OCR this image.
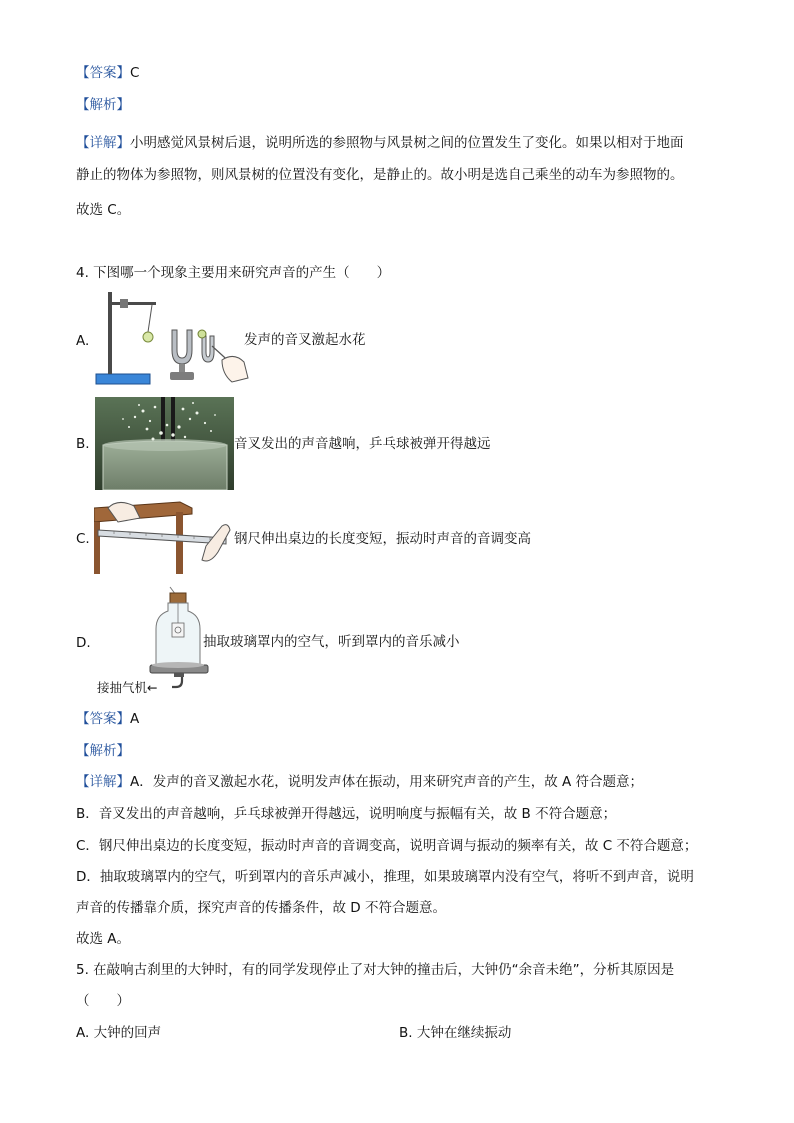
【答案】C
【解析】
【详解】小明感觉风景树后退，说明所选的参照物与风景树之间的位置发生了变化。如果以相对于地面
静止的物体为参照物，则风景树的位置没有变化，是静止的。故小明是选自己乘坐的动车为参照物的。
故选 C。
4. 下图哪一个现象主要用来研究声音的产生（　　）
A.	发声的音叉激起水花
B.	音叉发出的声音越响，乒乓球被弹开得越远
C.	钢尺伸出桌边的长度变短，振动时声音的音调变高
D.	抽取玻璃罩内的空气，听到罩内的音乐减小
接抽气机←
【答案】A
【解析】
【详解】A．发声的音叉激起水花，说明发声体在振动，用来研究声音的产生，故 A 符合题意；
B．音叉发出的声音越响，乒乓球被弹开得越远，说明响度与振幅有关，故 B 不符合题意；
C．钢尺伸出桌边的长度变短，振动时声音的音调变高，说明音调与振动的频率有关，故 C 不符合题意；
D．抽取玻璃罩内的空气，听到罩内的音乐声减小，推理，如果玻璃罩内没有空气，将听不到声音，说明
声音的传播靠介质，探究声音的传播条件，故 D 不符合题意。
故选 A。
5. 在敲响古刹里的大钟时，有的同学发现停止了对大钟的撞击后，大钟仍“余音未绝”，分析其原因是
（　　）
A. 大钟的回声	B. 大钟在继续振动
